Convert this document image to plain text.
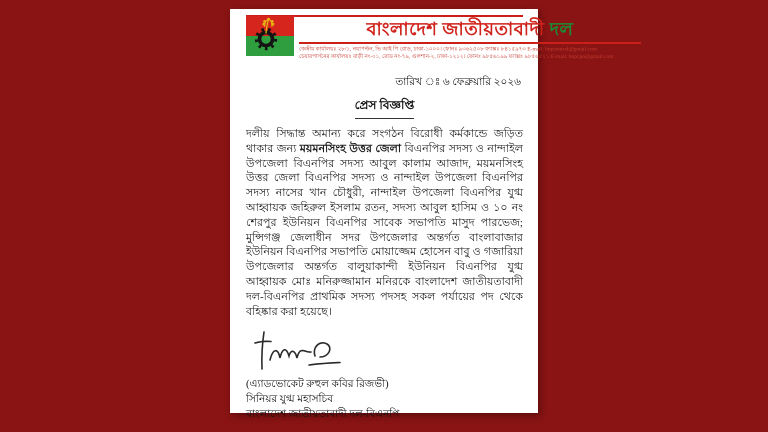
বাংলাদেশ জাতীয়তাবাদী দল
কেন্দ্রীয় কার্যালয়ঃ ২৮/১, নয়াপল্টন, ভি আই পি রোড, ঢাকা-১০০০। ফোনঃ ৯৩৬২৫০৮ ফ্যাক্সঃ ৮৪১৫৯৭৩ E-mail: bnpcentral@gmail.com
চেয়ারপার্সনের কার্যালয়ঃ বাড়ী নং-০১, রোড নং-৭৯, গুলশান-২, ঢাকা-১২১২। ফোনঃ ৯৮৫৬১৯৯ ফ্যাক্সঃ ৯৮৫৬৫২১ E-mail: bnpcpo@gmail.com
তারিখ ঃ ৬ ফেব্রুয়ারি ২০২৬
প্রেস বিজ্ঞপ্তি

দলীয় সিদ্ধান্ত অমান্য করে সংগঠন বিরোধী কর্মকান্ডে জড়িত থাকার জন্য ময়মনসিংহ উত্তর জেলা বিএনপির সদস্য ও নান্দাইল উপজেলা বিএনপির সদস্য আবুল কালাম আজাদ, ময়মনসিংহ উত্তর জেলা বিএনপির সদস্য ও নান্দাইল উপজেলা বিএনপির সদস্য নাসের খান চৌধুরী, নান্দাইল উপজেলা বিএনপির যুগ্ম আহ্বায়ক জহিরুল ইসলাম রতন, সদস্য আবুল হাসিম ও ১০ নং শেরপুর ইউনিয়ন বিএনপির সাবেক সভাপতি মাসুদ পারভেজ; মুন্সিগঞ্জ জেলাধীন সদর উপজেলার অন্তর্গত বাংলাবাজার ইউনিয়ন বিএনপির সভাপতি মোয়াজ্জেম হোসেন বাবু ও গজারিয়া উপজেলার অন্তর্গত বালুয়াকান্দী ইউনিয়ন বিএনপির যুগ্ম আহ্বায়ক মোঃ মনিরুজ্জামান মনিরকে বাংলাদেশ জাতীয়তাবাদী দল-বিএনপির প্রাথমিক সদস্য পদসহ সকল পর্যায়ের পদ থেকে বহিষ্কার করা হয়েছে।

(এ্যাডভোকেট রুহুল কবির রিজভী)
সিনিয়র যুগ্ম মহাসচিব
বাংলাদেশ জাতীয়তাবাদী দল-বিএনপি
